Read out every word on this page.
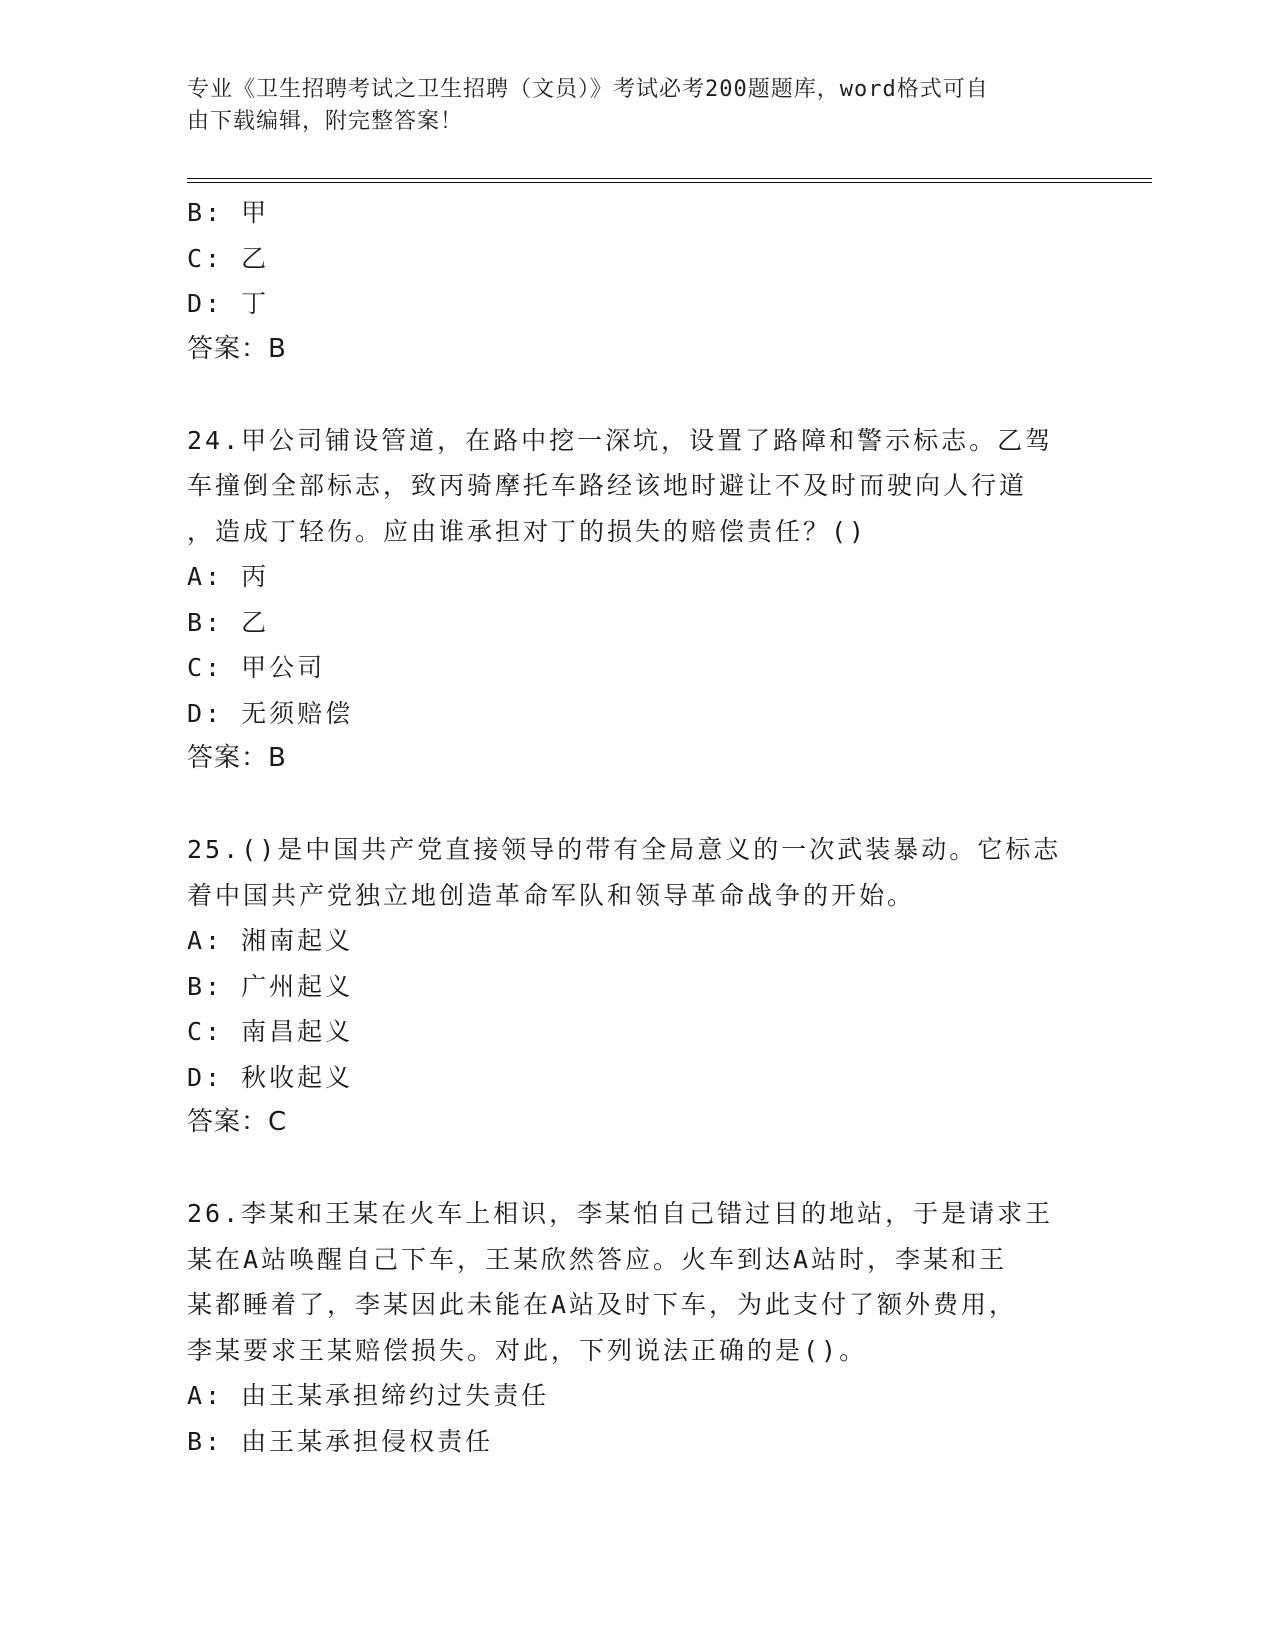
专业《卫生招聘考试之卫生招聘（文员）》考试必考200题题库，word格式可自
由下载编辑，附完整答案！
B: 甲
C: 乙
D: 丁
答案：B
24.甲公司铺设管道，在路中挖一深坑，设置了路障和警示标志。乙驾
车撞倒全部标志，致丙骑摩托车路经该地时避让不及时而驶向人行道
，造成丁轻伤。应由谁承担对丁的损失的赔偿责任？()
A: 丙
B: 乙
C: 甲公司
D: 无须赔偿
答案：B
25.()是中国共产党直接领导的带有全局意义的一次武装暴动。它标志
着中国共产党独立地创造革命军队和领导革命战争的开始。
A: 湘南起义
B: 广州起义
C: 南昌起义
D: 秋收起义
答案：C
26.李某和王某在火车上相识，李某怕自己错过目的地站，于是请求王
某在A站唤醒自己下车，王某欣然答应。火车到达A站时，李某和王
某都睡着了，李某因此未能在A站及时下车，为此支付了额外费用，
李某要求王某赔偿损失。对此，下列说法正确的是()。
A: 由王某承担缔约过失责任
B: 由王某承担侵权责任
